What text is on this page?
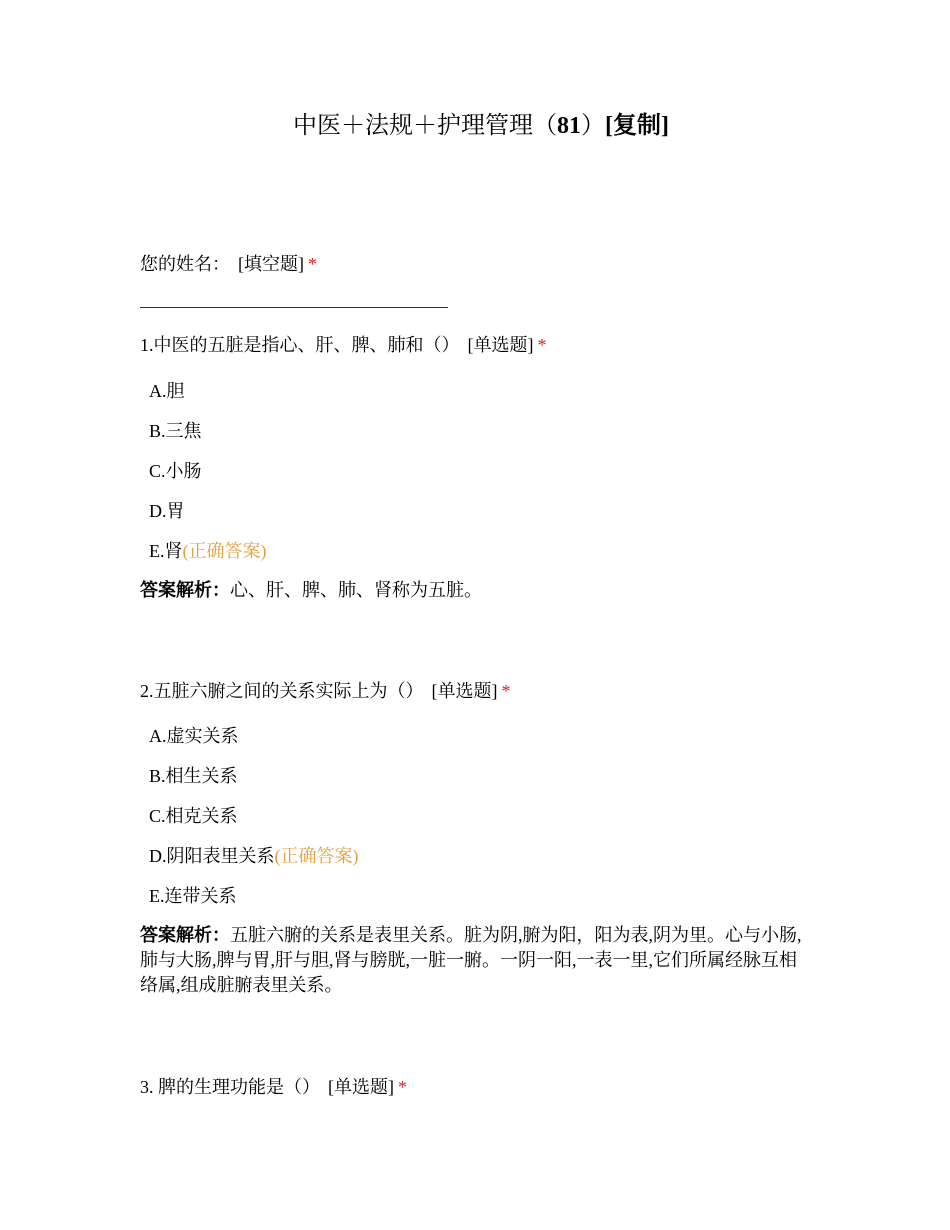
中医＋法规＋护理管理（81）[复制]
您的姓名： [填空题] *
1.中医的五脏是指心、肝、脾、肺和（） [单选题] *
A.胆
B.三焦
C.小肠
D.胃
E.肾(正确答案)
答案解析：心、肝、脾、肺、肾称为五脏。
2.五脏六腑之间的关系实际上为（） [单选题] *
A.虚实关系
B.相生关系
C.相克关系
D.阴阳表里关系(正确答案)
E.连带关系
答案解析：五脏六腑的关系是表里关系。脏为阴,腑为阳，阳为表,阴为里。心与小肠,肺与大肠,脾与胃,肝与胆,肾与膀胱,一脏一腑。一阴一阳,一表一里,它们所属经脉互相络属,组成脏腑表里关系。
3. 脾的生理功能是（） [单选题] *
